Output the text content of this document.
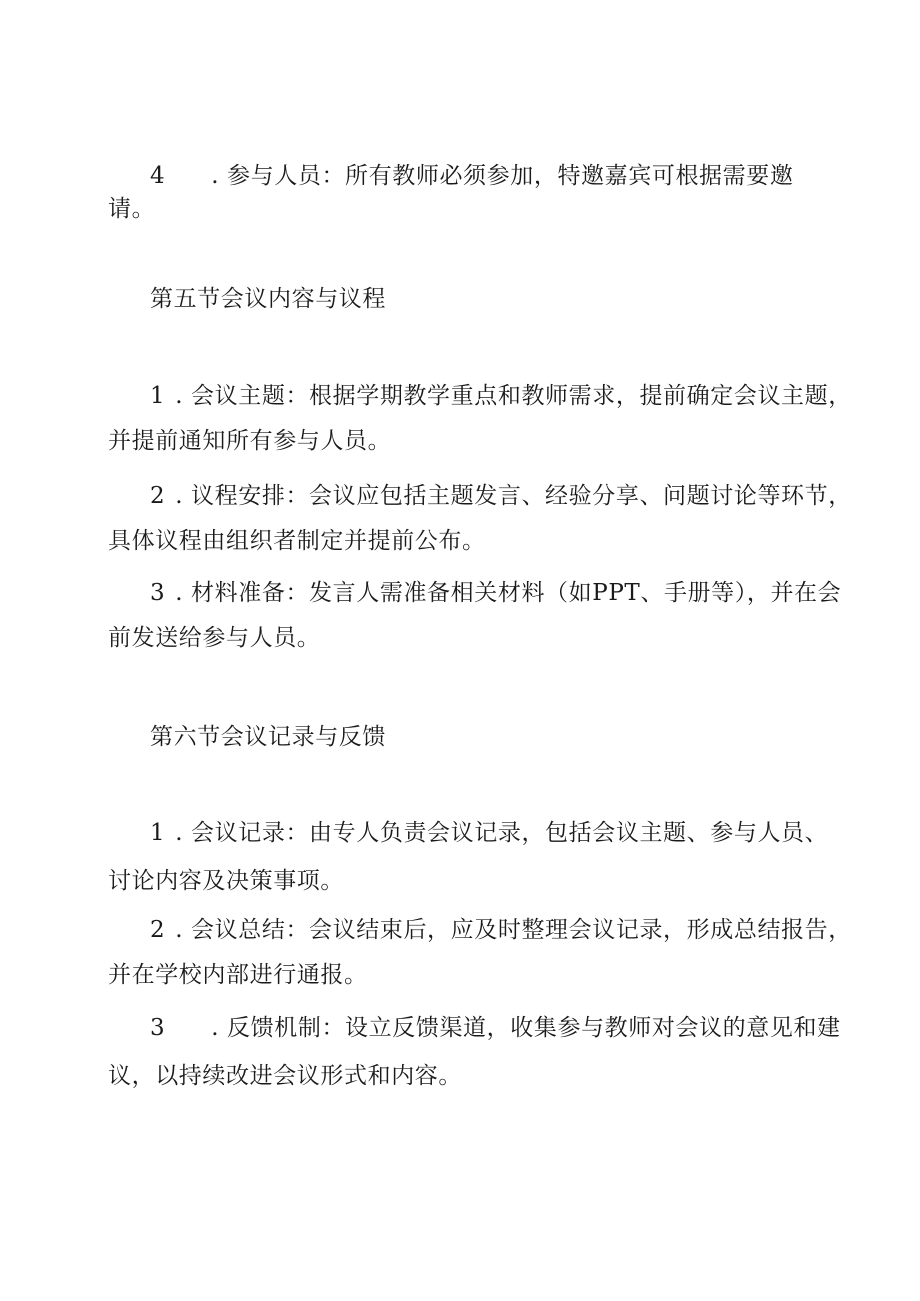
4 . 参与人员：所有教师必须参加，特邀嘉宾可根据需要邀
请。
第五节会议内容与议程
1 . 会议主题：根据学期教学重点和教师需求，提前确定会议主题，
并提前通知所有参与人员。
2 . 议程安排：会议应包括主题发言、经验分享、问题讨论等环节，
具体议程由组织者制定并提前公布。
3 . 材料准备：发言人需准备相关材料（如PPT、手册等），并在会
前发送给参与人员。
第六节会议记录与反馈
1 . 会议记录：由专人负责会议记录，包括会议主题、参与人员、
讨论内容及决策事项。
2 . 会议总结：会议结束后，应及时整理会议记录，形成总结报告，
并在学校内部进行通报。
3 . 反馈机制：设立反馈渠道，收集参与教师对会议的意见和建
议，以持续改进会议形式和内容。
